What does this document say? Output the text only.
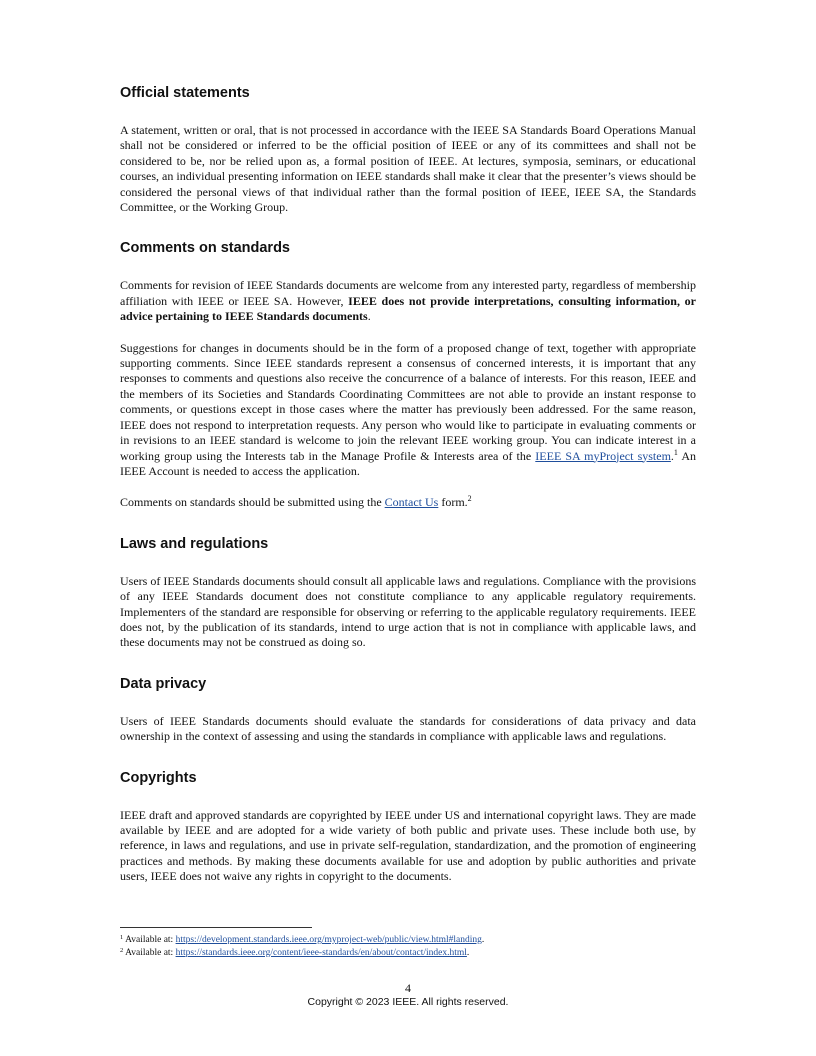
Official statements

A statement, written or oral, that is not processed in accordance with the IEEE SA Standards Board Operations Manual shall not be considered or inferred to be the official position of IEEE or any of its committees and shall not be considered to be, nor be relied upon as, a formal position of IEEE. At lectures, symposia, seminars, or educational courses, an individual presenting information on IEEE standards shall make it clear that the presenter’s views should be considered the personal views of that individual rather than the formal position of IEEE, IEEE SA, the Standards Committee, or the Working Group.

Comments on standards

Comments for revision of IEEE Standards documents are welcome from any interested party, regardless of membership affiliation with IEEE or IEEE SA. However, IEEE does not provide interpretations, consulting information, or advice pertaining to IEEE Standards documents.

Suggestions for changes in documents should be in the form of a proposed change of text, together with appropriate supporting comments. Since IEEE standards represent a consensus of concerned interests, it is important that any responses to comments and questions also receive the concurrence of a balance of interests. For this reason, IEEE and the members of its Societies and Standards Coordinating Committees are not able to provide an instant response to comments, or questions except in those cases where the matter has previously been addressed. For the same reason, IEEE does not respond to interpretation requests. Any person who would like to participate in evaluating comments or in revisions to an IEEE standard is welcome to join the relevant IEEE working group. You can indicate interest in a working group using the Interests tab in the Manage Profile & Interests area of the IEEE SA myProject system.$^1$ An IEEE Account is needed to access the application.

Comments on standards should be submitted using the Contact Us form.$^2$

Laws and regulations

Users of IEEE Standards documents should consult all applicable laws and regulations. Compliance with the provisions of any IEEE Standards document does not constitute compliance to any applicable regulatory requirements. Implementers of the standard are responsible for observing or referring to the applicable regulatory requirements. IEEE does not, by the publication of its standards, intend to urge action that is not in compliance with applicable laws, and these documents may not be construed as doing so.

Data privacy

Users of IEEE Standards documents should evaluate the standards for considerations of data privacy and data ownership in the context of assessing and using the standards in compliance with applicable laws and regulations.

Copyrights

IEEE draft and approved standards are copyrighted by IEEE under US and international copyright laws. They are made available by IEEE and are adopted for a wide variety of both public and private uses. These include both use, by reference, in laws and regulations, and use in private self-regulation, standardization, and the promotion of engineering practices and methods. By making these documents available for use and adoption by public authorities and private users, IEEE does not waive any rights in copyright to the documents.

$^1$ Available at: https://development.standards.ieee.org/myproject-web/public/view.html#landing.
$^2$ Available at: https://standards.ieee.org/content/ieee-standards/en/about/contact/index.html.
4
Copyright © 2023 IEEE. All rights reserved.
